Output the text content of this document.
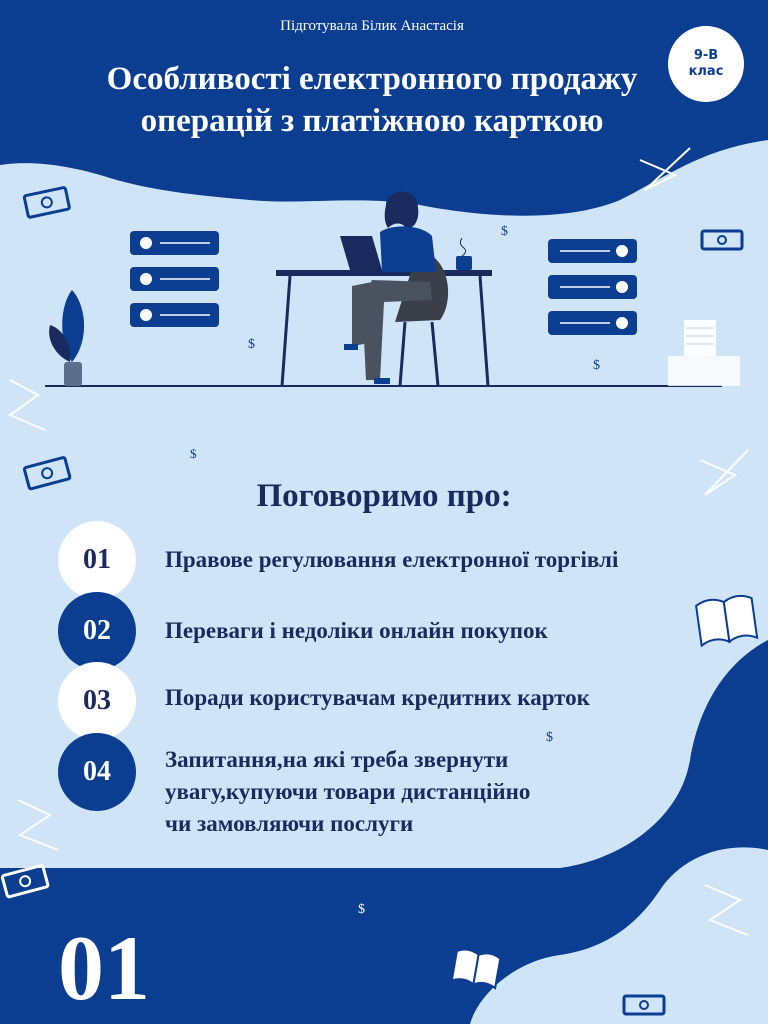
$
$
$
$
$
$
Підготувала Білик Анастасія
Особливості електронного продажу
операцій з платіжною карткою
9-В
клас
Поговоримо про:
01	Правове регулювання електронної торгівлі
02	Переваги і недоліки онлайн покупок
03	Поради користувачам кредитних карток
04	Запитання,на які треба звернути
увагу,купуючи товари дистанційно
чи замовляючи послуги
01
